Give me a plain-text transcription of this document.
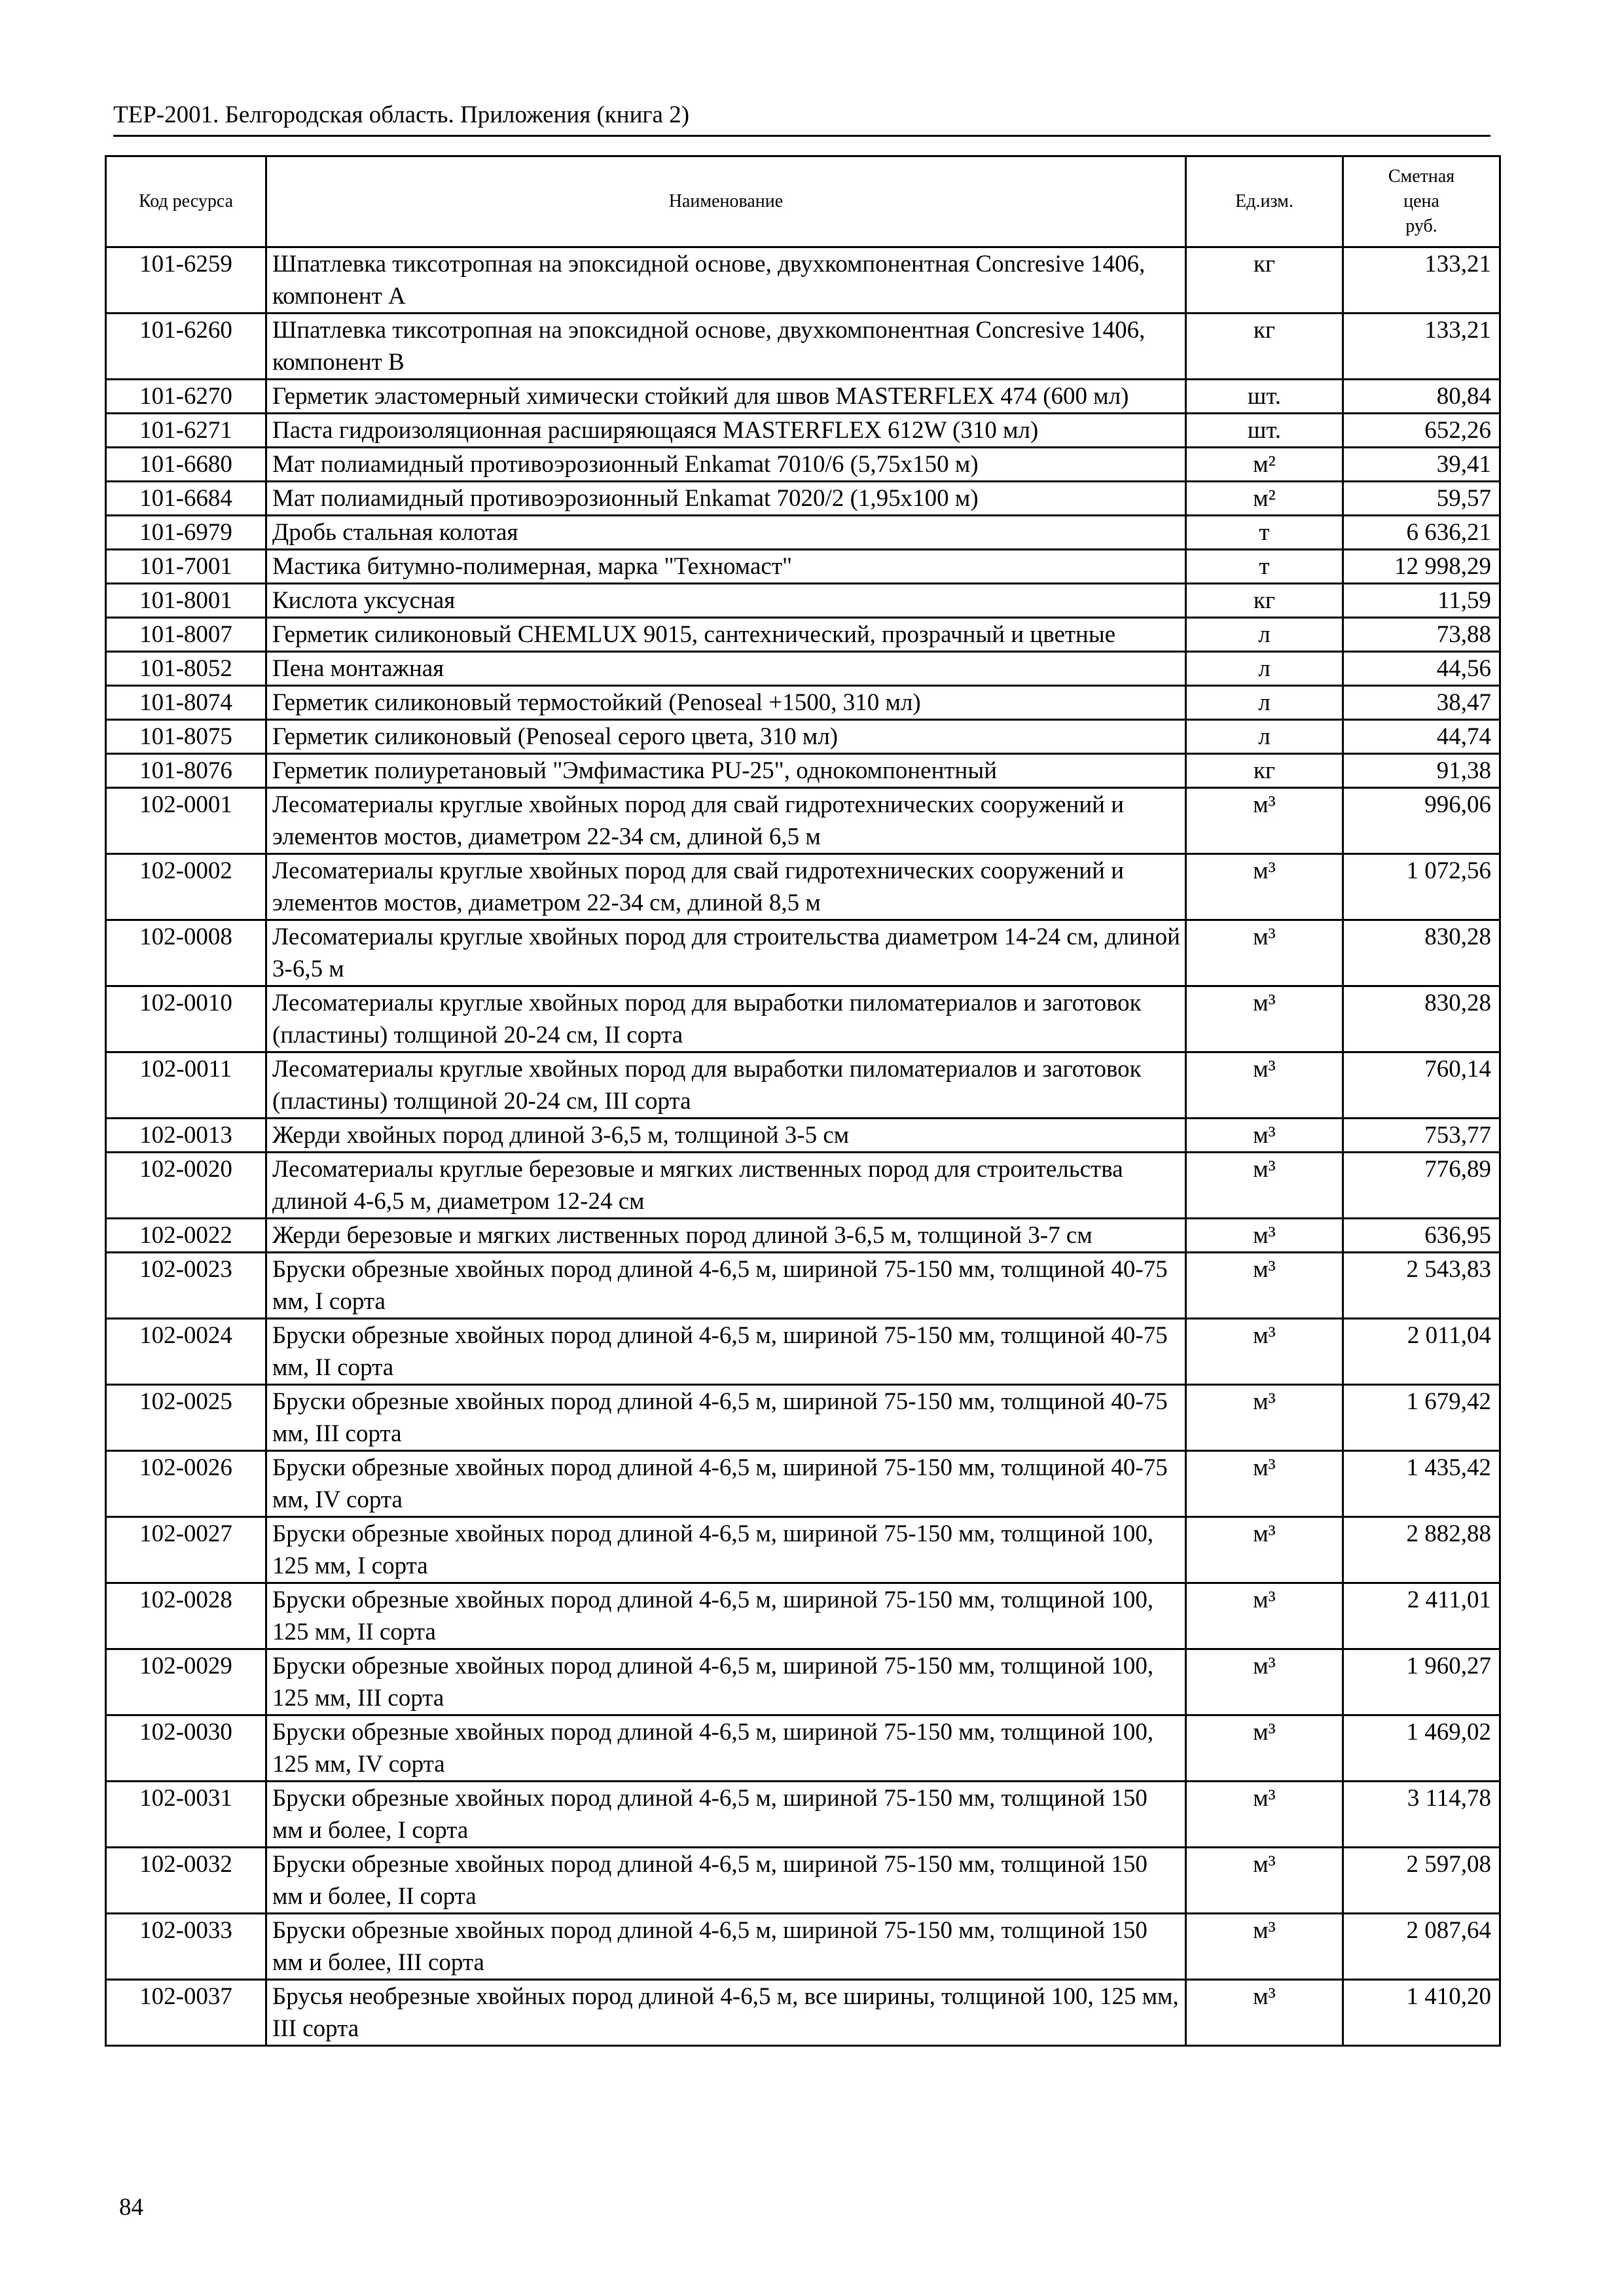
ТЕР-2001. Белгородская область. Приложения (книга 2)
Код ресурса	Наименование	Ед.изм.	Сметная
цена
руб.
101-6259	Шпатлевка тиксотропная на эпоксидной основе, двухкомпонентная Concresive 1406, компонент А	кг	133,21
101-6260	Шпатлевка тиксотропная на эпоксидной основе, двухкомпонентная Concresive 1406, компонент В	кг	133,21
101-6270	Герметик эластомерный химически стойкий для швов MASTERFLEX 474 (600 мл)	шт.	80,84
101-6271	Паста гидроизоляционная расширяющаяся MASTERFLEX 612W (310 мл)	шт.	652,26
101-6680	Мат полиамидный противоэрозионный Enkamat 7010/6 (5,75х150 м)	м²	39,41
101-6684	Мат полиамидный противоэрозионный Enkamat 7020/2 (1,95х100 м)	м²	59,57
101-6979	Дробь стальная колотая	т	6 636,21
101-7001	Мастика битумно-полимерная, марка "Техномаст"	т	12 998,29
101-8001	Кислота уксусная	кг	11,59
101-8007	Герметик силиконовый CHEMLUX 9015, сантехнический, прозрачный и цветные	л	73,88
101-8052	Пена монтажная	л	44,56
101-8074	Герметик силиконовый термостойкий (Penoseal +1500, 310 мл)	л	38,47
101-8075	Герметик силиконовый (Penoseal серого цвета, 310 мл)	л	44,74
101-8076	Герметик полиуретановый "Эмфимастика PU-25", однокомпонентный	кг	91,38
102-0001	Лесоматериалы круглые хвойных пород для свай гидротехнических сооружений и элементов мостов, диаметром 22-34 см, длиной 6,5 м	м³	996,06
102-0002	Лесоматериалы круглые хвойных пород для свай гидротехнических сооружений и элементов мостов, диаметром 22-34 см, длиной 8,5 м	м³	1 072,56
102-0008	Лесоматериалы круглые хвойных пород для строительства диаметром 14-24 см, длиной 3-6,5 м	м³	830,28
102-0010	Лесоматериалы круглые хвойных пород для выработки пиломатериалов и заготовок (пластины) толщиной 20-24 см, II сорта	м³	830,28
102-0011	Лесоматериалы круглые хвойных пород для выработки пиломатериалов и заготовок (пластины) толщиной 20-24 см, III сорта	м³	760,14
102-0013	Жерди хвойных пород длиной 3-6,5 м, толщиной 3-5 см	м³	753,77
102-0020	Лесоматериалы круглые березовые и мягких лиственных пород для строительства длиной 4-6,5 м, диаметром 12-24 см	м³	776,89
102-0022	Жерди березовые и мягких лиственных пород длиной 3-6,5 м, толщиной 3-7 см	м³	636,95
102-0023	Бруски обрезные хвойных пород длиной 4-6,5 м, шириной 75-150 мм, толщиной 40-75 мм, I сорта	м³	2 543,83
102-0024	Бруски обрезные хвойных пород длиной 4-6,5 м, шириной 75-150 мм, толщиной 40-75 мм, II сорта	м³	2 011,04
102-0025	Бруски обрезные хвойных пород длиной 4-6,5 м, шириной 75-150 мм, толщиной 40-75 мм, III сорта	м³	1 679,42
102-0026	Бруски обрезные хвойных пород длиной 4-6,5 м, шириной 75-150 мм, толщиной 40-75 мм, IV сорта	м³	1 435,42
102-0027	Бруски обрезные хвойных пород длиной 4-6,5 м, шириной 75-150 мм, толщиной 100, 125 мм, I сорта	м³	2 882,88
102-0028	Бруски обрезные хвойных пород длиной 4-6,5 м, шириной 75-150 мм, толщиной 100, 125 мм, II сорта	м³	2 411,01
102-0029	Бруски обрезные хвойных пород длиной 4-6,5 м, шириной 75-150 мм, толщиной 100, 125 мм, III сорта	м³	1 960,27
102-0030	Бруски обрезные хвойных пород длиной 4-6,5 м, шириной 75-150 мм, толщиной 100, 125 мм, IV сорта	м³	1 469,02
102-0031	Бруски обрезные хвойных пород длиной 4-6,5 м, шириной 75-150 мм, толщиной 150 мм и более, I сорта	м³	3 114,78
102-0032	Бруски обрезные хвойных пород длиной 4-6,5 м, шириной 75-150 мм, толщиной 150 мм и более, II сорта	м³	2 597,08
102-0033	Бруски обрезные хвойных пород длиной 4-6,5 м, шириной 75-150 мм, толщиной 150 мм и более, III сорта	м³	2 087,64
102-0037	Брусья необрезные хвойных пород длиной 4-6,5 м, все ширины, толщиной 100, 125 мм, III сорта	м³	1 410,20
84
